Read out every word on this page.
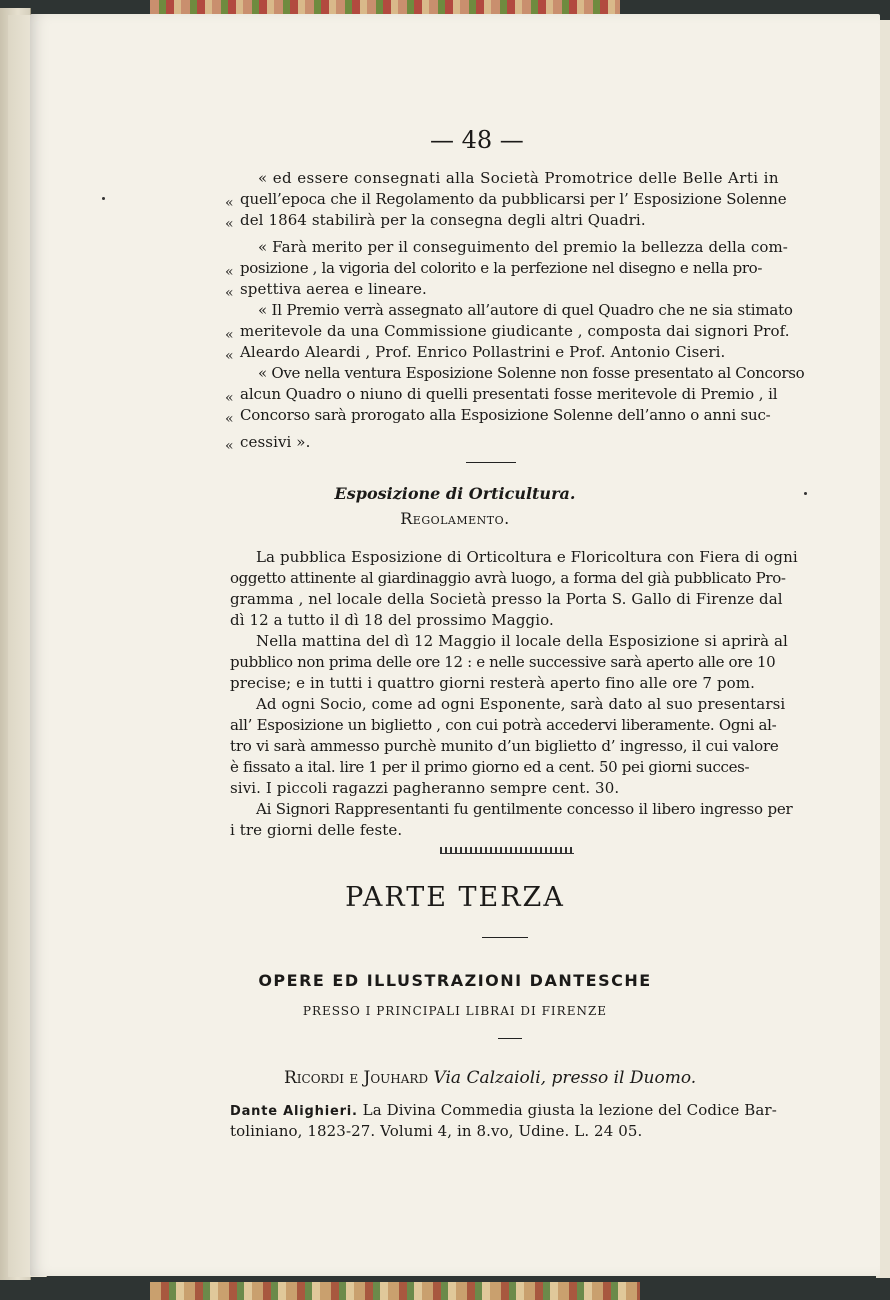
— 48 —
«
«
«
«
«
«
«
«
«
« ed essere consegnati alla Società Promotrice delle Belle Arti in
quell’epoca che il Regolamento da pubblicarsi per l’ Esposizione Solenne
del 1864 stabilirà per la consegna degli altri Quadri.
« Farà merito per il conseguimento del premio la bellezza della com-
posizione , la vigoria del colorito e la perfezione nel disegno e nella pro-
spettiva aerea e lineare.
« Il Premio verrà assegnato all’autore di quel Quadro che ne sia stimato
meritevole da una Commissione giudicante , composta dai signori Prof.
Aleardo Aleardi , Prof. Enrico Pollastrini e Prof. Antonio Ciseri.
« Ove nella ventura Esposizione Solenne non fosse presentato al Concorso
alcun Quadro o niuno di quelli presentati fosse meritevole di Premio , il
Concorso sarà prorogato alla Esposizione Solenne dell’anno o anni suc-
cessivi ».
Esposizione di Orticultura.
Regolamento.
La pubblica Esposizione di Orticoltura e Floricoltura con Fiera di ogni
oggetto attinente al giardinaggio avrà luogo, a forma del già pubblicato Pro-
gramma , nel locale della Società presso la Porta S. Gallo di Firenze dal
dì 12 a tutto il dì 18 del prossimo Maggio.
Nella mattina del dì 12 Maggio il locale della Esposizione si aprirà al
pubblico non prima delle ore 12 : e nelle successive sarà aperto alle ore 10
precise; e in tutti i quattro giorni resterà aperto fino alle ore 7 pom.
Ad ogni Socio, come ad ogni Esponente, sarà dato al suo presentarsi
all’ Esposizione un biglietto , con cui potrà accedervi liberamente. Ogni al-
tro vi sarà ammesso purchè munito d’un biglietto d’ ingresso, il cui valore
è fissato a ital. lire 1 per il primo giorno ed a cent. 50 pei giorni succes-
sivi. I piccoli ragazzi pagheranno sempre cent. 30.
Ai Signori Rappresentanti fu gentilmente concesso il libero ingresso per
i tre giorni delle feste.
PARTE TERZA
OPERE ED ILLUSTRAZIONI DANTESCHE
PRESSO I PRINCIPALI LIBRAI DI FIRENZE
Ricordi e Jouhard Via Calzaioli, presso il Duomo.
Dante Alighieri. La Divina Commedia giusta la lezione del Codice Bar-
toliniano, 1823-27. Volumi 4, in 8.vo, Udine. L. 24 05.
